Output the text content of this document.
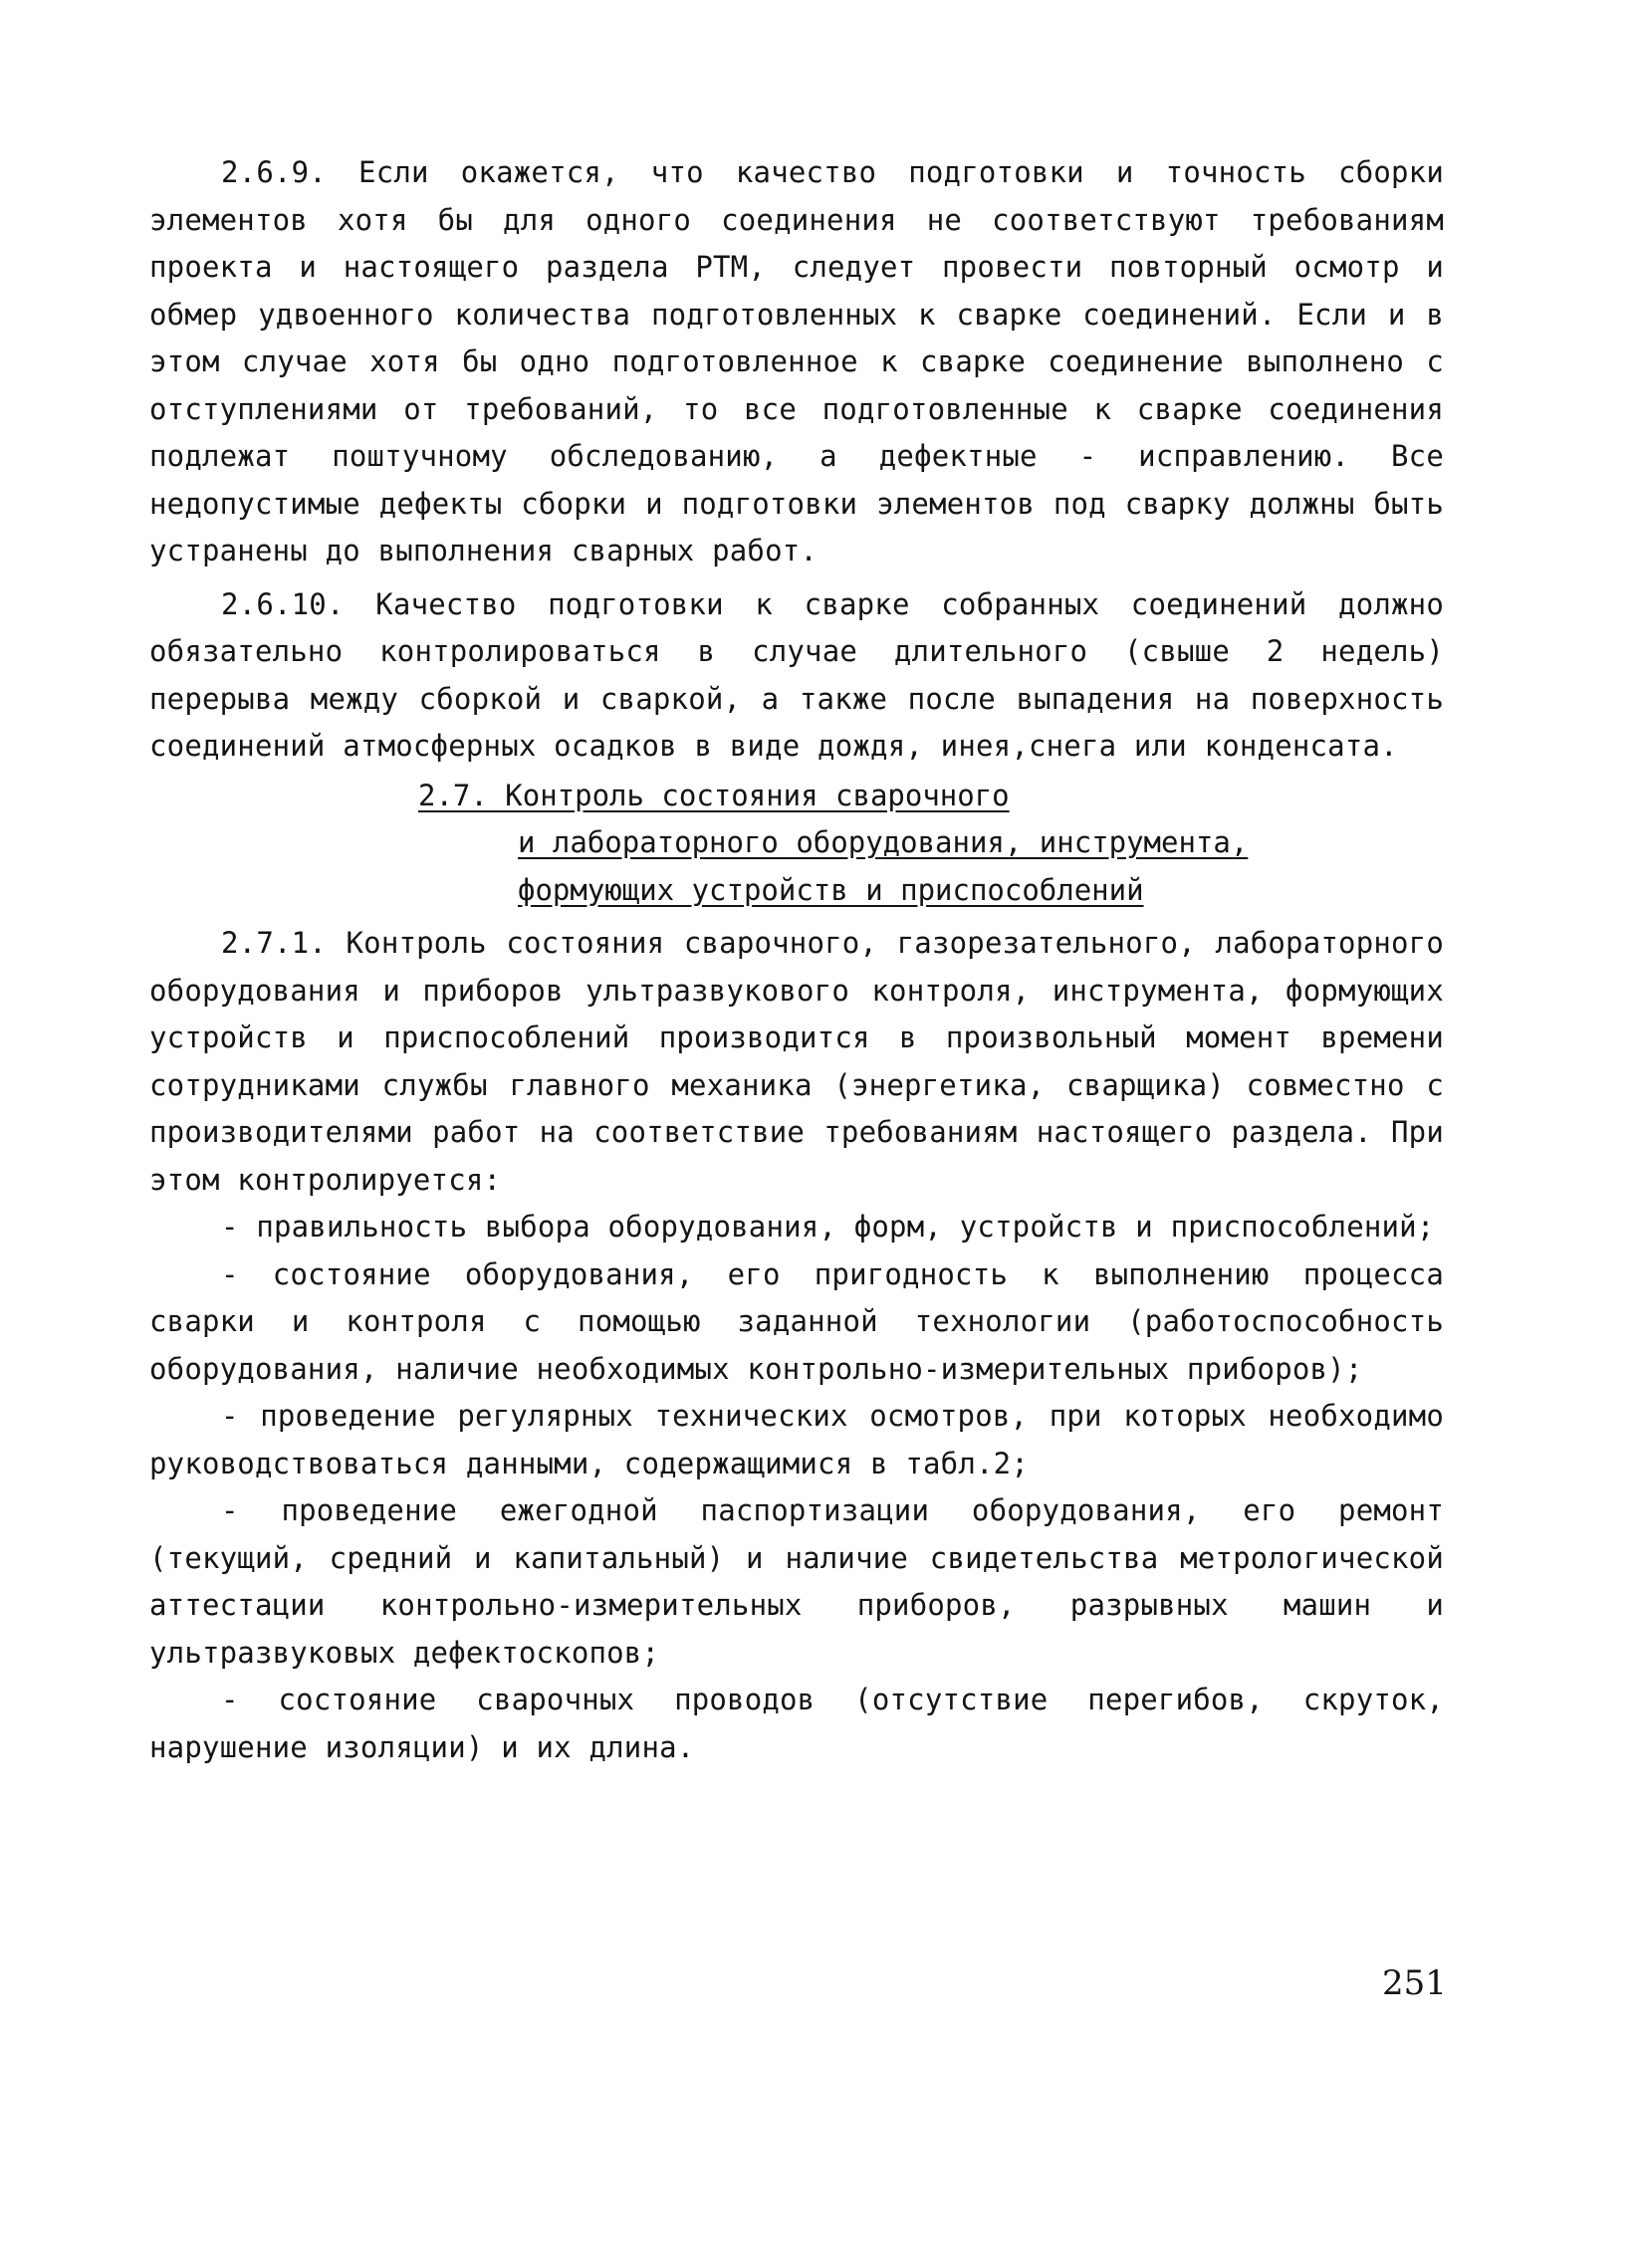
2.6.9. Если окажется, что качество подготовки и точность сборки элементов хотя бы для одного соединения не соответствуют требованиям проекта и настоящего раздела РТМ, следует провести повторный осмотр и обмер удвоенного количества подготовленных к сварке соединений. Если и в этом случае хотя бы одно подготовленное к сварке соединение выполнено с отступлениями от требований, то все подготовленные к сварке соединения подлежат поштучному обследованию, а дефектные - исправлению. Все недопустимые дефекты сборки и подготовки элементов под сварку должны быть устранены до выполнения сварных работ.

2.6.10. Качество подготовки к сварке собранных соединений должно обязательно контролироваться в случае длительного (свыше 2 недель) перерыва между сборкой и сваркой, а также после выпадения на поверхность соединений атмосферных осадков в виде дождя, инея,снега или конденсата.

2.7. Контроль состояния сварочного
и лабораторного оборудования, инструмента,
формующих устройств и приспособлений

2.7.1. Контроль состояния сварочного, газорезательного, лабораторного оборудования и приборов ультразвукового контроля, инструмента, формующих устройств и приспособлений производится в произвольный момент времени сотрудниками службы главного механика (энергетика, сварщика) совместно с производителями работ на соответствие требованиям настоящего раздела. При этом контролируется:

- правильность выбора оборудования, форм, устройств и приспособлений;

- состояние оборудования, его пригодность к выполнению процесса сварки и контроля с помощью заданной технологии (работоспособность оборудования, наличие необходимых контрольно-измерительных приборов);

- проведение регулярных технических осмотров, при которых необходимо руководствоваться данными, содержащимися в табл.2;

- проведение ежегодной паспортизации оборудования, его ремонт (текущий, средний и капитальный) и наличие свидетельства метрологической аттестации контрольно-измерительных приборов, разрывных машин и ультразвуковых дефектоскопов;

- состояние сварочных проводов (отсутствие перегибов, скруток, нарушение изоляции) и их длина.

251
